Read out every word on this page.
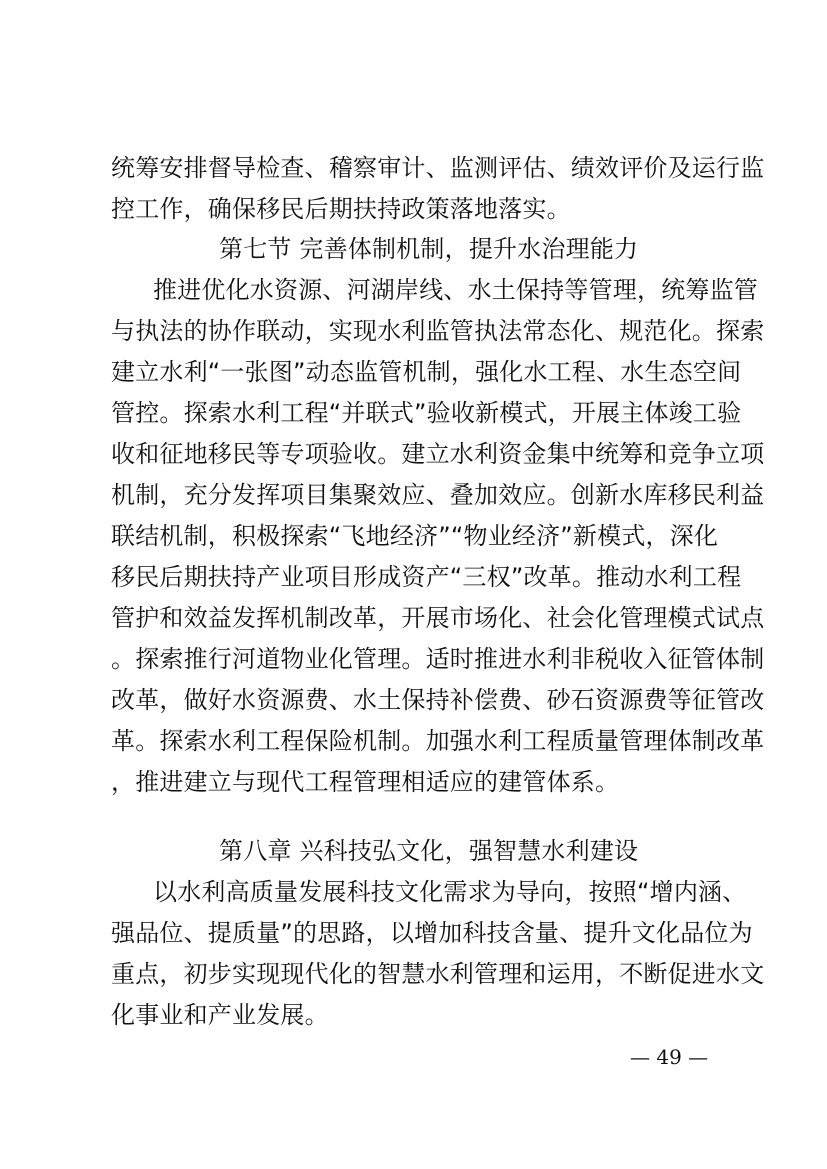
统筹安排督导检查、稽察审计、监测评估、绩效评价及运行监
控工作，确保移民后期扶持政策落地落实。
第七节 完善体制机制，提升水治理能力
推进优化水资源、河湖岸线、水土保持等管理，统筹监管
与执法的协作联动，实现水利监管执法常态化、规范化。探索
建立水利“一张图”动态监管机制，强化水工程、水生态空间
管控。探索水利工程“并联式”验收新模式，开展主体竣工验
收和征地移民等专项验收。建立水利资金集中统筹和竞争立项
机制，充分发挥项目集聚效应、叠加效应。创新水库移民利益
联结机制，积极探索“飞地经济”“物业经济”新模式，深化
移民后期扶持产业项目形成资产“三权”改革。推动水利工程
管护和效益发挥机制改革，开展市场化、社会化管理模式试点
。探索推行河道物业化管理。适时推进水利非税收入征管体制
改革，做好水资源费、水土保持补偿费、砂石资源费等征管改
革。探索水利工程保险机制。加强水利工程质量管理体制改革
，推进建立与现代工程管理相适应的建管体系。
第八章 兴科技弘文化，强智慧水利建设
以水利高质量发展科技文化需求为导向，按照“增内涵、
强品位、提质量”的思路，以增加科技含量、提升文化品位为
重点，初步实现现代化的智慧水利管理和运用，不断促进水文
化事业和产业发展。
— 49 —
